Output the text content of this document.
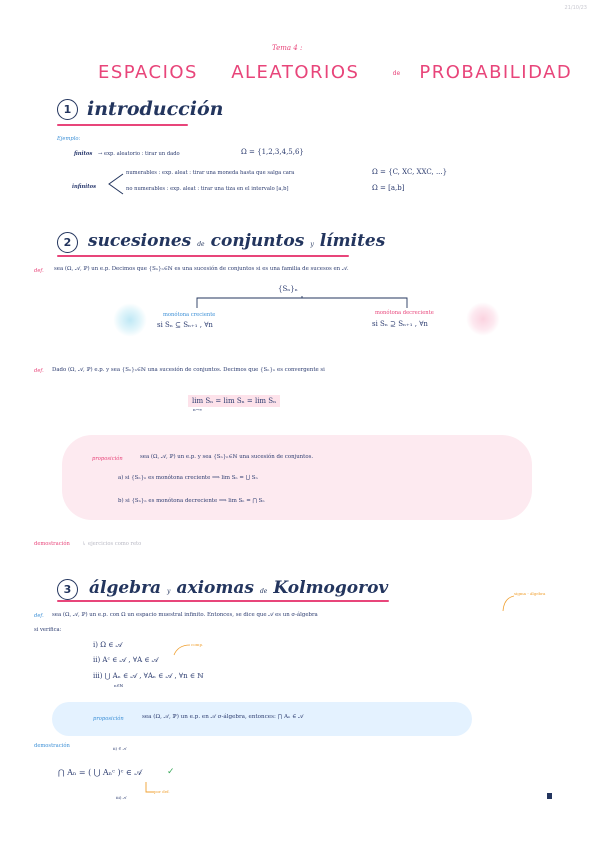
21/10/23
Tema 4 :
ESPACIOS ALEATORIOS	de PROBABILIDAD
1 introducción
Ejemplo:
finitos → exp. aleatorio : tirar un dado	Ω = {1,2,3,4,5,6}
infinitos
numerables : exp. aleat : tirar una moneda hasta que salga cara	Ω = {C, XC, XXC, ...}
no numerables : exp. aleat : tirar una tiza en el intervalo [a,b]	Ω = [a,b]
2 sucesiones de conjuntos y límites
def. sea (Ω, 𝒜, ℙ) un e.p. Decimos que {Sₙ}ₙ∈ℕ es una sucesión de conjuntos si es una familia de sucesos en 𝒜.
{Sₙ}ₙ
monótona creciente
si Sₙ ⊆ Sₙ₊₁ , ∀n
monótona decreciente
si Sₙ ⊇ Sₙ₊₁ , ∀n
def. Dado (Ω, 𝒜, ℙ) e.p. y sea {Sₙ}ₙ∈ℕ una sucesión de conjuntos. Decimos que {Sₙ}ₙ es convergente si
lim Sₙ = lim Sₙ = lim Sₙ
n→∞
proposición	sea (Ω, 𝒜, ℙ) un e.p. y sea {Sₙ}ₙ∈ℕ una sucesión de conjuntos.
a) si {Sₙ}ₙ es monótona creciente ⟹ lim Sₙ = ⋃ Sₙ
b) si {Sₙ}ₙ es monótona decreciente ⟹ lim Sₙ = ⋂ Sₙ
demostración ↳ ejercicios como reto
3	álgebra y axiomas de Kolmogorov	sigma - álgebra
def. sea (Ω, 𝒜, ℙ) un e.p. con Ω un espacio muestral infinito. Entonces, se dice que 𝒜 es un σ-álgebra
si verifica:
i) Ω ∈ 𝒜
ii) Aᶜ ∈ 𝒜 , ∀A ∈ 𝒜
comp.
iii) ⋃ Aₙ ∈ 𝒜 , ∀Aₙ ∈ 𝒜 , ∀n ∈ ℕ
n∈ℕ
proposición	sea (Ω, 𝒜, ℙ) un e.p. en 𝒜 σ-álgebra, entonces: ⋂ Aₙ ∈ 𝒜
demostración	ii) ∈ 𝒜
⋂ Aₙ = ( ⋃ Aₙᶜ )ᶜ ∈ 𝒜	✓
iii) 𝒜
por def.
